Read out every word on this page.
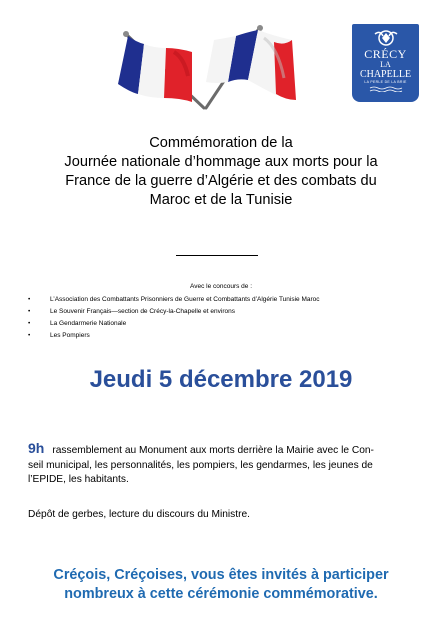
CRÉCY
LA
CHAPELLE
LA PERLE DE LA BRIE
Commémoration de la
Journée nationale d’hommage aux morts pour la
France de la guerre d’Algérie et des combats du
Maroc et de la Tunisie
Avec le concours de :
•	L’Association des Combattants Prisonniers de Guerre et Combattants d’Algérie Tunisie Maroc
•	Le Souvenir Français—section de Crécy-la-Chapelle et environs
•	La Gendarmerie Nationale
•	Les Pompiers
Jeudi 5 décembre 2019
9h rassemblement au Monument aux morts derrière la Mairie avec le Con-
seil municipal, les personnalités, les pompiers, les gendarmes, les jeunes de
l’EPIDE, les habitants.
Dépôt de gerbes, lecture du discours du Ministre.
Créçois, Créçoises, vous êtes invités à participer
nombreux à cette cérémonie commémorative.
